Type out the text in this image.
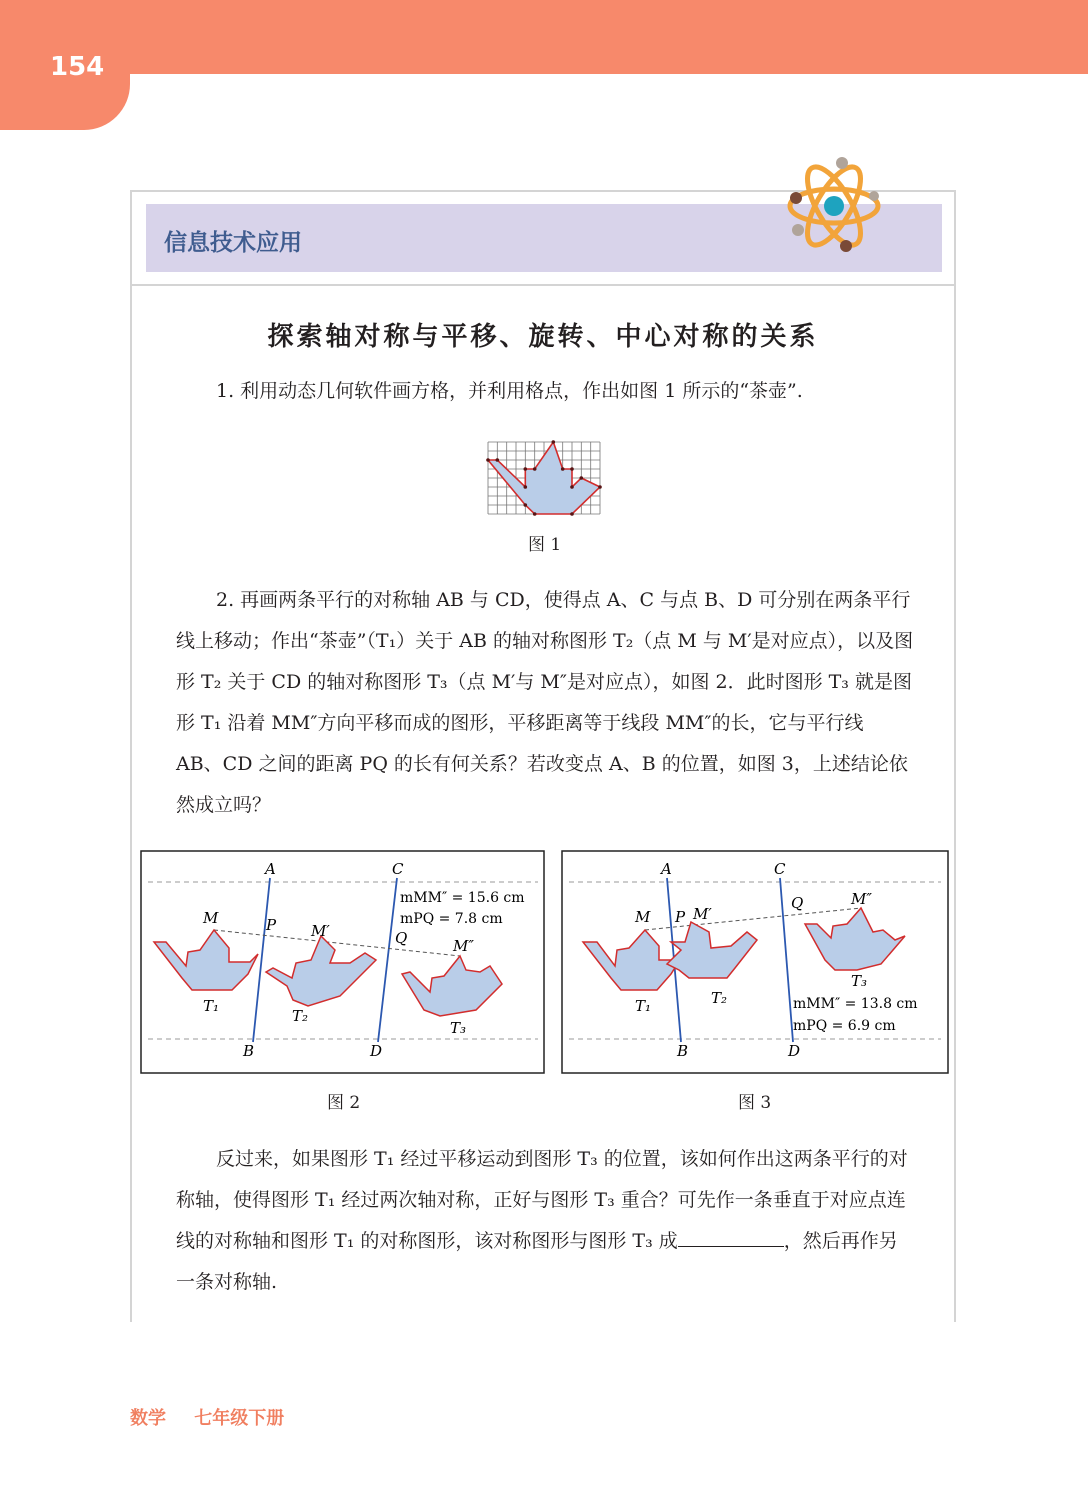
154
信息技术应用
探索轴对称与平移、旋转、中心对称的关系

1. 利用动态几何软件画方格，并利用格点，作出如图 1 所示的“茶壶”.

图 1

2. 再画两条平行的对称轴 AB 与 CD，使得点 A、C 与点 B、D 可分别在两条平行线上移动；作出“茶壶”（T₁）关于 AB 的轴对称图形 T₂（点 M 与 M′是对应点），以及图形 T₂ 关于 CD 的轴对称图形 T₃（点 M′与 M″是对应点），如图 2．此时图形 T₃ 就是图形 T₁ 沿着 MM″方向平移而成的图形，平移距离等于线段 MM″的长，它与平行线 AB、CD 之间的距离 PQ 的长有何关系？若改变点 A、B 的位置，如图 3，上述结论依然成立吗？

A
B
C
D
M	P M′	Q	M″
T₁
T₂
T₃
mMM″ = 15.6 cm
mPQ = 7.8 cm
图 2
A
B
C
D
M P M′
Q	M″
T₁	T₂
T₃
mMM″ = 13.8 cm
mPQ = 6.9 cm
图 3

反过来，如果图形 T₁ 经过平移运动到图形 T₃ 的位置，该如何作出这两条平行的对称轴，使得图形 T₁ 经过两次轴对称，正好与图形 T₃ 重合？可先作一条垂直于对应点连线的对称轴和图形 T₁ 的对称图形，该对称图形与图形 T₃ 成	，然后再作另一条对称轴.

数学 七年级下册
